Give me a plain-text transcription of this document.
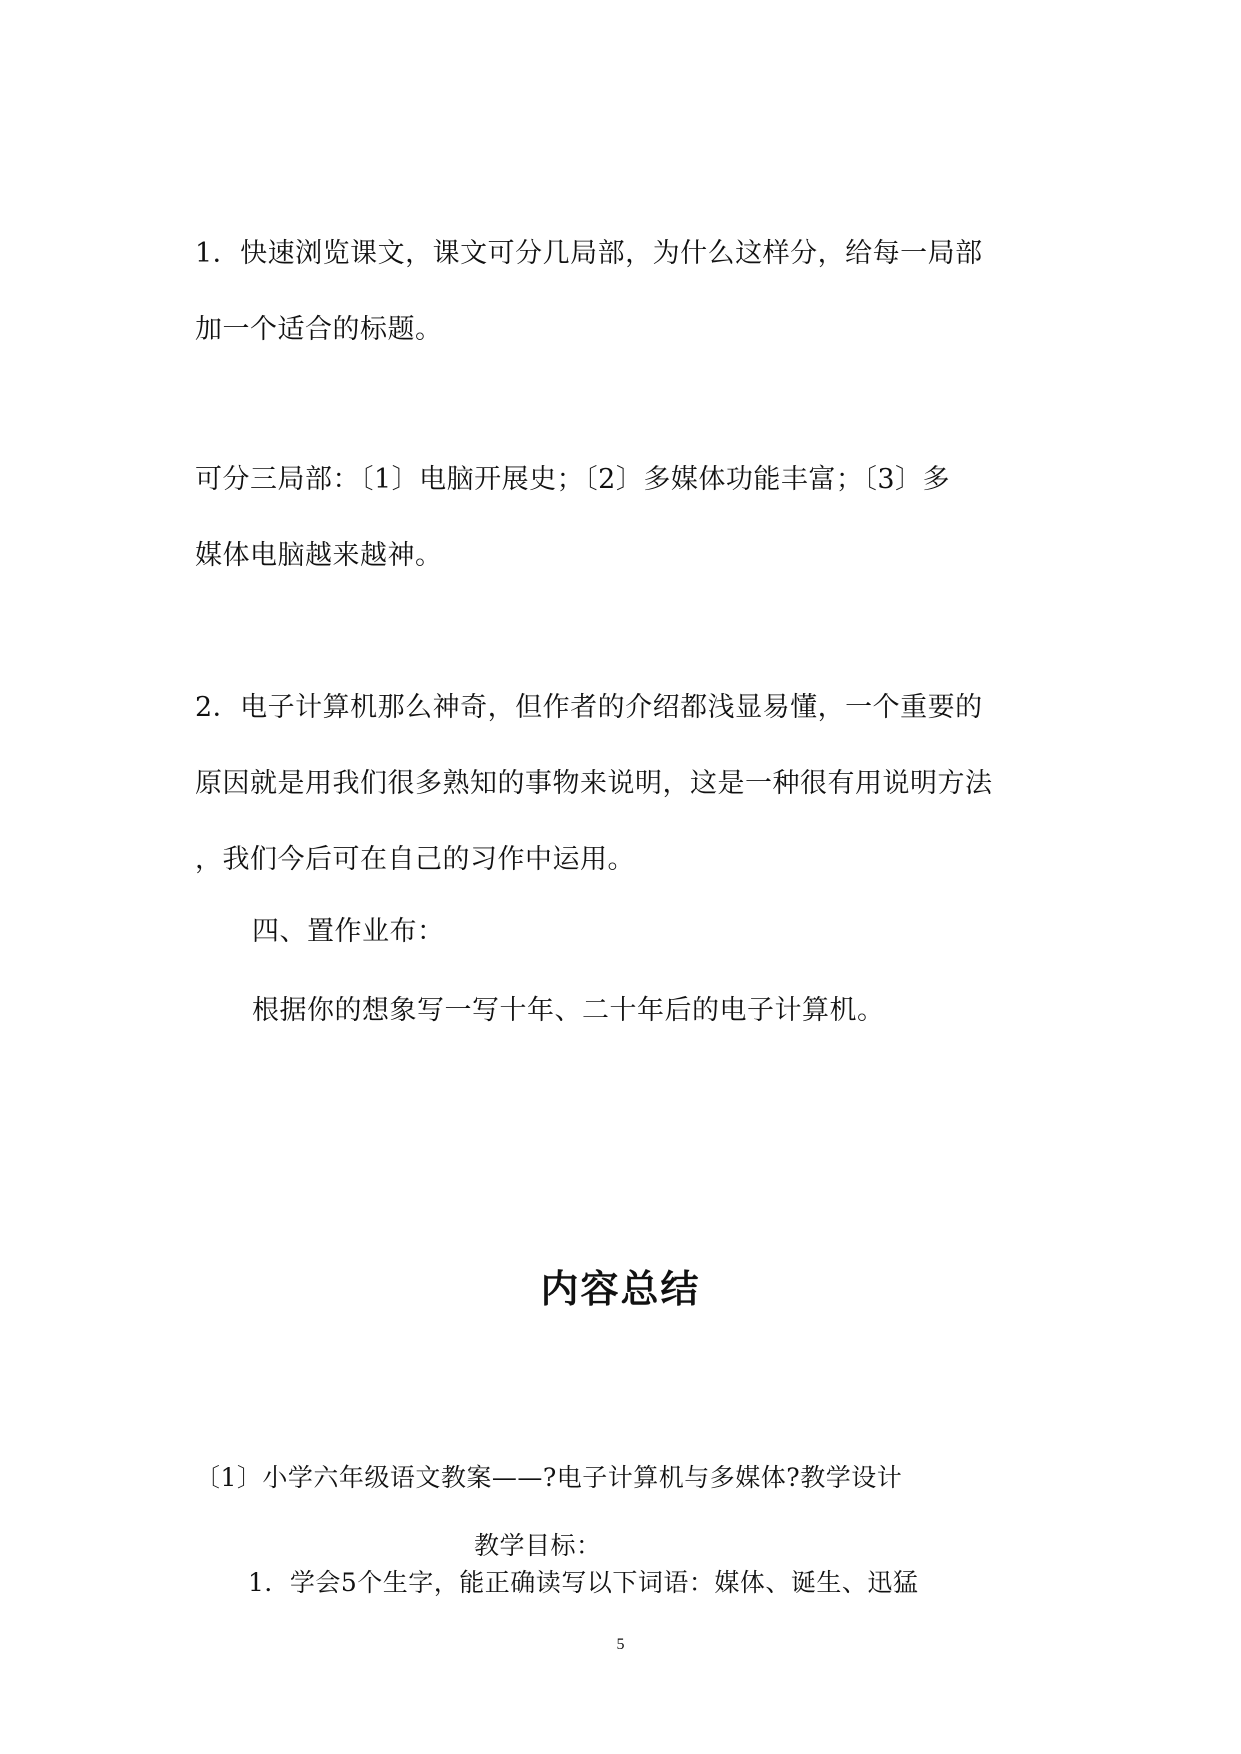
1．快速浏览课文，课文可分几局部，为什么这样分，给每一局部
加一个适合的标题。
可分三局部：〔1〕电脑开展史；〔2〕多媒体功能丰富；〔3〕多
媒体电脑越来越神。
2．电子计算机那么神奇，但作者的介绍都浅显易懂，一个重要的
原因就是用我们很多熟知的事物来说明，这是一种很有用说明方法
，我们今后可在自己的习作中运用。
四、置作业布：
根据你的想象写一写十年、二十年后的电子计算机。
内容总结
〔1〕小学六年级语文教案——?电子计算机与多媒体?教学设计
教学目标：
1．学会5个生字，能正确读写以下词语：媒体、诞生、迅猛
5
